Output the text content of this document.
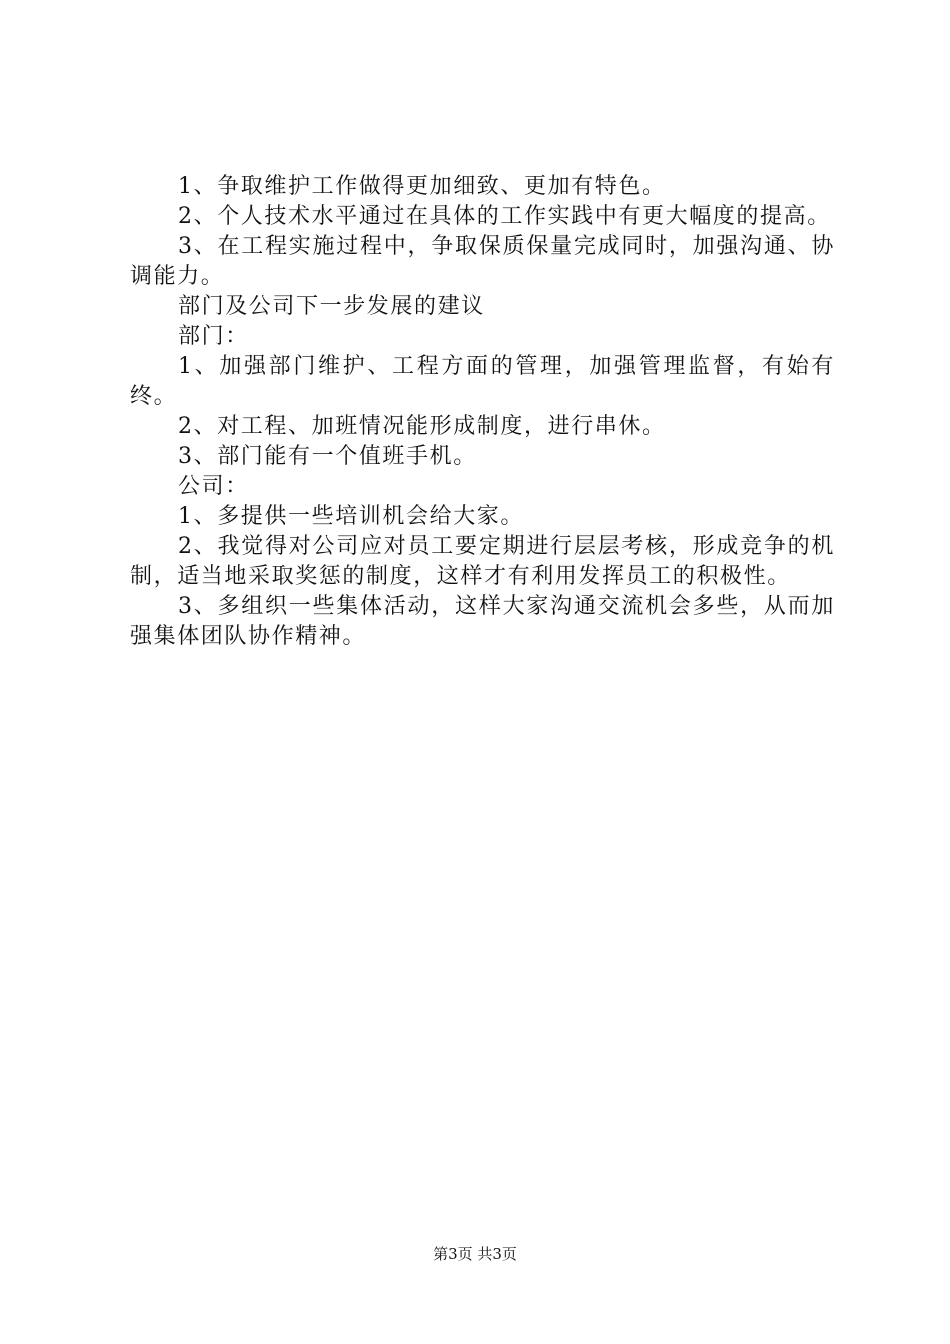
1、争取维护工作做得更加细致、更加有特色。

2、个人技术水平通过在具体的工作实践中有更大幅度的提高。

3、在工程实施过程中，争取保质保量完成同时，加强沟通、协调能力。

部门及公司下一步发展的建议

部门：

1、加强部门维护、工程方面的管理，加强管理监督，有始有终。

2、对工程、加班情况能形成制度，进行串休。

3、部门能有一个值班手机。

公司：

1、多提供一些培训机会给大家。

2、我觉得对公司应对员工要定期进行层层考核，形成竞争的机制，适当地采取奖惩的制度，这样才有利用发挥员工的积极性。

3、多组织一些集体活动，这样大家沟通交流机会多些，从而加强集体团队协作精神。

第3页 共3页
